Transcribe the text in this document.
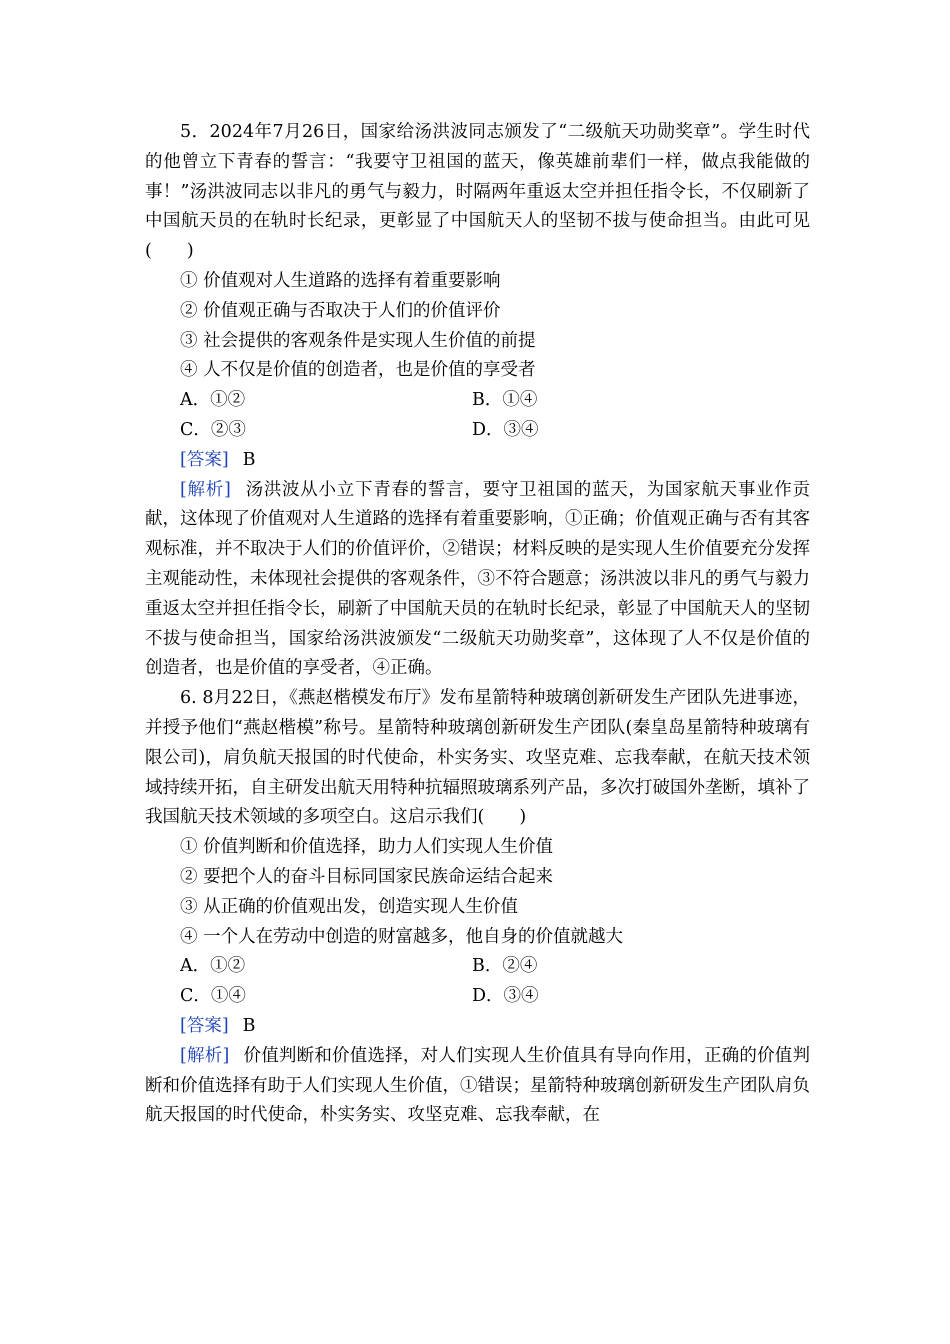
5．2024年7月26日，国家给汤洪波同志颁发了“二级航天功勋奖章”。学生时代的他曾立下青春的誓言：“我要守卫祖国的蓝天，像英雄前辈们一样，做点我能做的事！”汤洪波同志以非凡的勇气与毅力，时隔两年重返太空并担任指令长，不仅刷新了中国航天员的在轨时长纪录，更彰显了中国航天人的坚韧不拔与使命担当。由此可见(　　)

① 价值观对人生道路的选择有着重要影响

② 价值观正确与否取决于人们的价值评价

③ 社会提供的客观条件是实现人生价值的前提

④ 人不仅是价值的创造者，也是价值的享受者

A．①②	B．①④
C．②③	D．③④

[答案] B

[解析] 汤洪波从小立下青春的誓言，要守卫祖国的蓝天，为国家航天事业作贡献，这体现了价值观对人生道路的选择有着重要影响，①正确；价值观正确与否有其客观标准，并不取决于人们的价值评价，②错误；材料反映的是实现人生价值要充分发挥主观能动性，未体现社会提供的客观条件，③不符合题意；汤洪波以非凡的勇气与毅力重返太空并担任指令长，刷新了中国航天员的在轨时长纪录，彰显了中国航天人的坚韧不拔与使命担当，国家给汤洪波颁发“二级航天功勋奖章”，这体现了人不仅是价值的创造者，也是价值的享受者，④正确。

6. 8月22日，《燕赵楷模发布厅》发布星箭特种玻璃创新研发生产团队先进事迹，并授予他们“燕赵楷模”称号。星箭特种玻璃创新研发生产团队(秦皇岛星箭特种玻璃有限公司)，肩负航天报国的时代使命，朴实务实、攻坚克难、忘我奉献，在航天技术领域持续开拓，自主研发出航天用特种抗辐照玻璃系列产品，多次打破国外垄断，填补了我国航天技术领域的多项空白。这启示我们(　　)

① 价值判断和价值选择，助力人们实现人生价值

② 要把个人的奋斗目标同国家民族命运结合起来

③ 从正确的价值观出发，创造实现人生价值

④ 一个人在劳动中创造的财富越多，他自身的价值就越大

A．①②	B．②④
C．①④	D．③④

[答案] B

[解析] 价值判断和价值选择，对人们实现人生价值具有导向作用，正确的价值判断和价值选择有助于人们实现人生价值，①错误；星箭特种玻璃创新研发生产团队肩负航天报国的时代使命，朴实务实、攻坚克难、忘我奉献，在
